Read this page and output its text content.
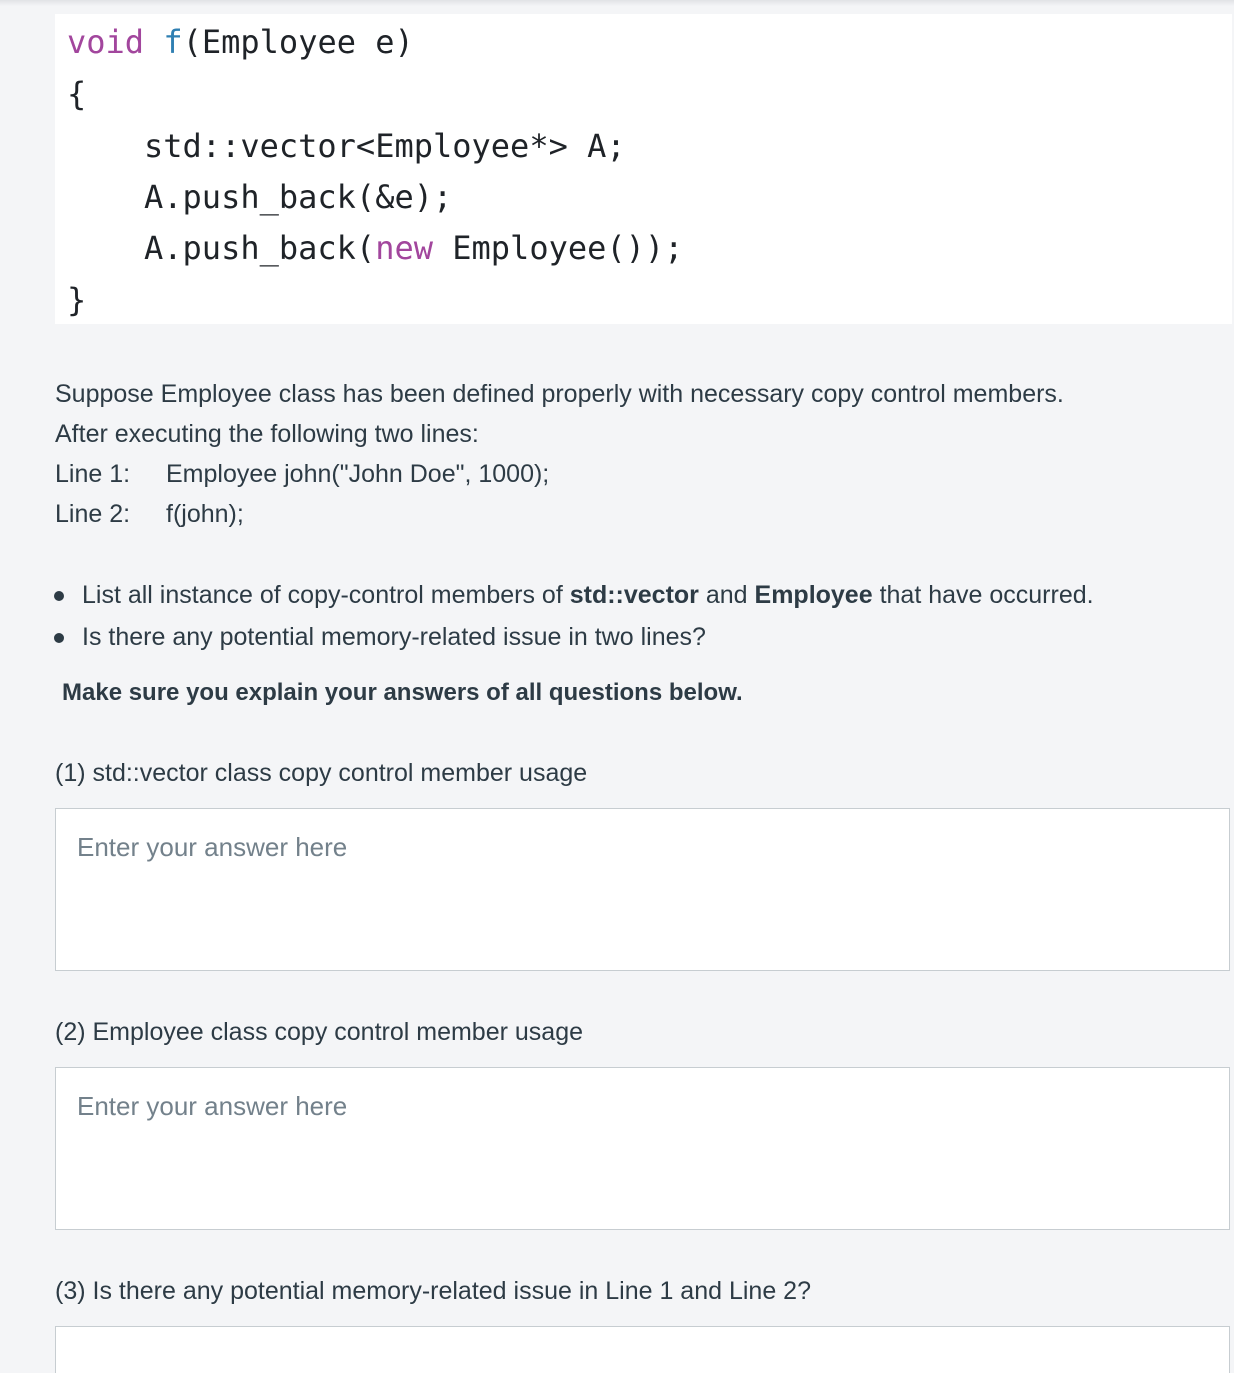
void f(Employee e)
{
std::vector<Employee*> A;
A.push_back(&e);
A.push_back(new Employee());
}
Suppose Employee class has been defined properly with necessary copy control members.
After executing the following two lines:
Line 1: Employee john("John Doe", 1000);
Line 2: f(john);
List all instance of copy-control members of std::vector and Employee that have occurred.
Is there any potential memory-related issue in two lines?
Make sure you explain your answers of all questions below.
(1) std::vector class copy control member usage
Enter your answer here
(2) Employee class copy control member usage
Enter your answer here
(3) Is there any potential memory-related issue in Line 1 and Line 2?
